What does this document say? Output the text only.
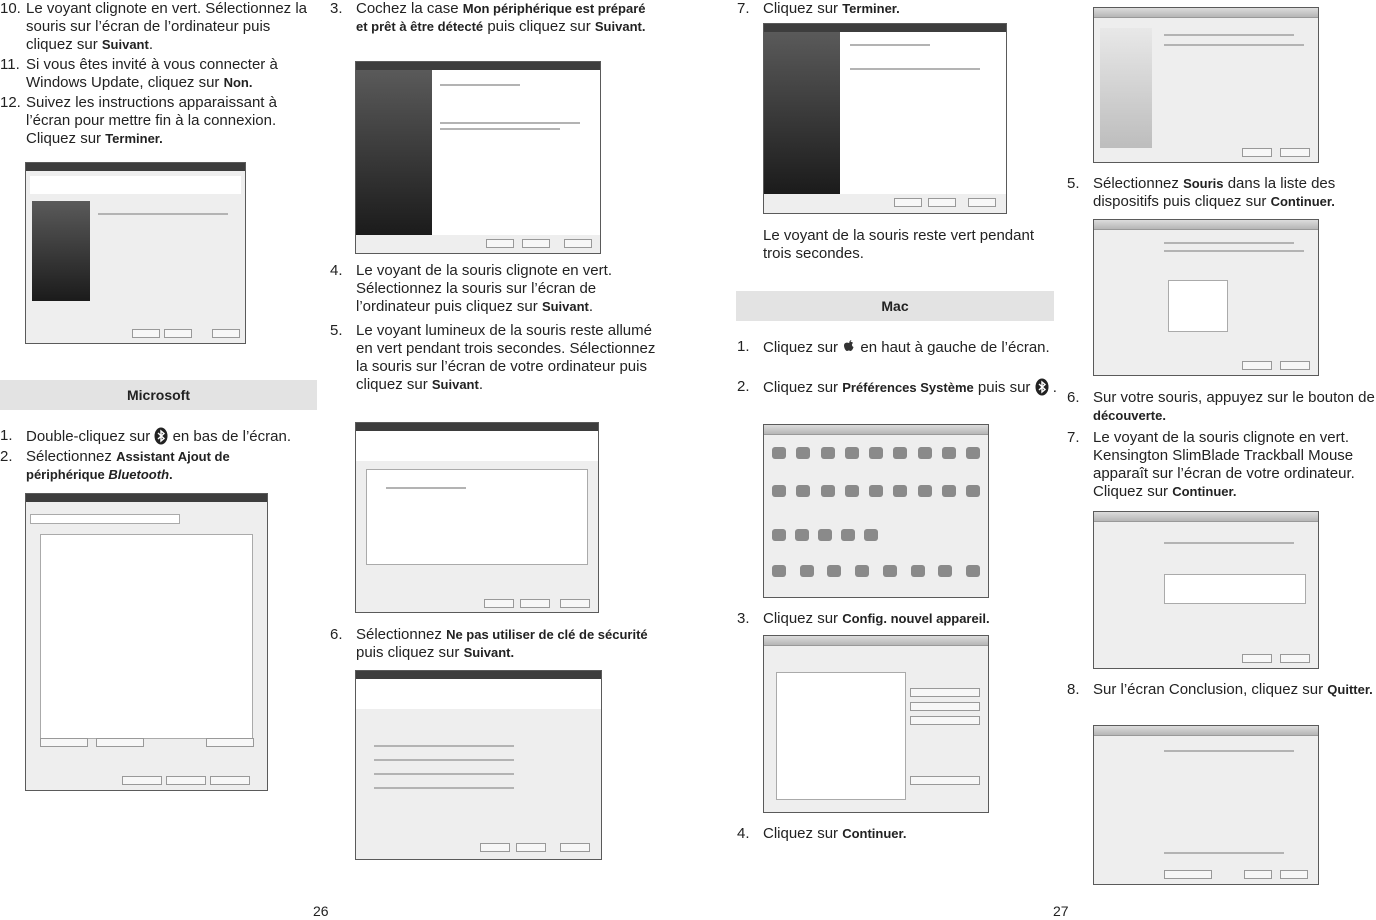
10. Le voyant clignote en vert. Sélectionnez la souris sur l’écran de l’ordinateur puis cliquez sur Suivant.
11. Si vous êtes invité à vous connecter à Windows Update, cliquez sur Non.
12. Suivez les instructions apparaissant à l’écran pour mettre fin à la connexion. Cliquez sur Terminer.
Microsoft
1. Double-cliquez sur  en bas de l’écran.
2. Sélectionnez Assistant Ajout de périphérique Bluetooth.
26
3. Cochez la case Mon périphérique est préparé et prêt à être détecté puis cliquez sur Suivant.
4. Le voyant de la souris clignote en vert. Sélectionnez la souris sur l’écran de l’ordinateur puis cliquez sur Suivant.
5. Le voyant lumineux de la souris reste allumé en vert pendant trois secondes. Sélectionnez la souris sur l’écran de votre ordinateur puis cliquez sur Suivant.
6. Sélectionnez Ne pas utiliser de clé de sécurité puis cliquez sur Suivant.
7. Cliquez sur Terminer.
Le voyant de la souris reste vert pendant trois secondes.
Mac
1. Cliquez sur  en haut à gauche de l’écran.
2. Cliquez sur Préférences Système puis sur  .
3. Cliquez sur Config. nouvel appareil.
4. Cliquez sur Continuer.
5. Sélectionnez Souris dans la liste des dispositifs puis cliquez sur Continuer.
6. Sur votre souris, appuyez sur le bouton de découverte.
7. Le voyant de la souris clignote en vert. Kensington SlimBlade Trackball Mouse apparaît sur l’écran de votre ordinateur. Cliquez sur Continuer.
8. Sur l’écran Conclusion, cliquez sur Quitter.
27
